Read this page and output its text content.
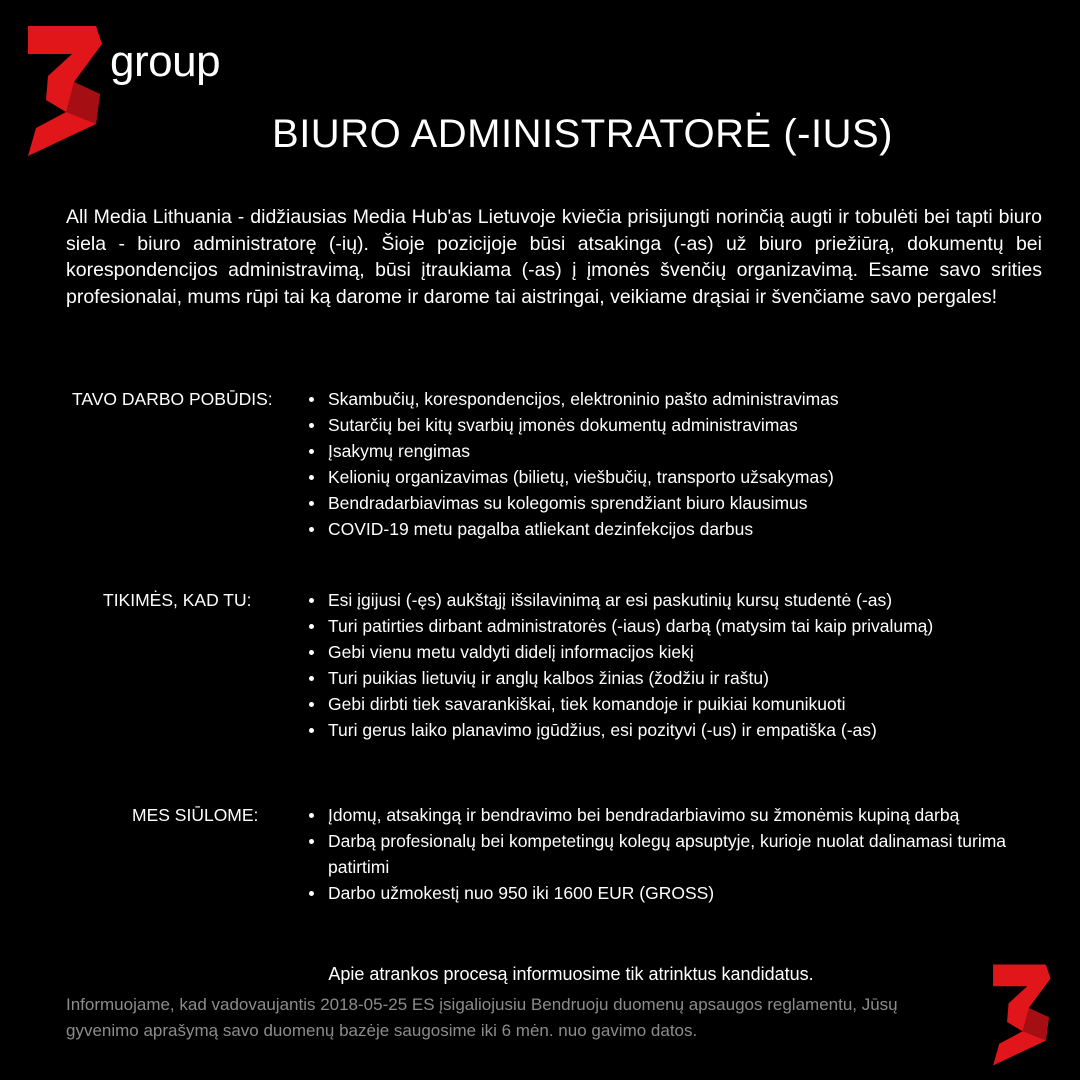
group
BIURO ADMINISTRATORĖ (-IUS)

All Media Lithuania - didžiausias Media Hub'as Lietuvoje kviečia prisijungti norinčią augti ir tobulėti bei tapti biuro siela - biuro administratorę (-ių). Šioje pozicijoje būsi atsakinga (-as) už biuro priežiūrą, dokumentų bei korespondencijos administravimą, būsi įtraukiama (-as) į įmonės švenčių organizavimą. Esame savo srities profesionalai, mums rūpi tai ką darome ir darome tai aistringai, veikiame drąsiai ir švenčiame savo pergales!

TAVO DARBO POBŪDIS:	Skambučių, korespondencijos, elektroninio pašto administravimas
Sutarčių bei kitų svarbių įmonės dokumentų administravimas
Įsakymų rengimas
Kelionių organizavimas (bilietų, viešbučių, transporto užsakymas)
Bendradarbiavimas su kolegomis sprendžiant biuro klausimus
COVID-19 metu pagalba atliekant dezinfekcijos darbus
TIKIMĖS, KAD TU:	Esi įgijusi (-ęs) aukštąjį išsilavinimą ar esi paskutinių kursų studentė (-as)
Turi patirties dirbant administratorės (-iaus) darbą (matysim tai kaip privalumą)
Gebi vienu metu valdyti didelį informacijos kiekį
Turi puikias lietuvių ir anglų kalbos žinias (žodžiu ir raštu)
Gebi dirbti tiek savarankiškai, tiek komandoje ir puikiai komunikuoti
Turi gerus laiko planavimo įgūdžius, esi pozityvi (-us) ir empatiška (-as)
MES SIŪLOME:	Įdomų, atsakingą ir bendravimo bei bendradarbiavimo su žmonėmis kupiną darbą
Darbą profesionalų bei kompetetingų kolegų apsuptyje, kurioje nuolat dalinamasi turima patirtimi
Darbo užmokestį nuo 950 iki 1600 EUR (GROSS)

Apie atrankos procesą informuosime tik atrinktus kandidatus.

Informuojame, kad vadovaujantis 2018-05-25 ES įsigaliojusiu Bendruoju duomenų apsaugos reglamentu, Jūsų gyvenimo aprašymą savo duomenų bazėje saugosime iki 6 mėn. nuo gavimo datos.
